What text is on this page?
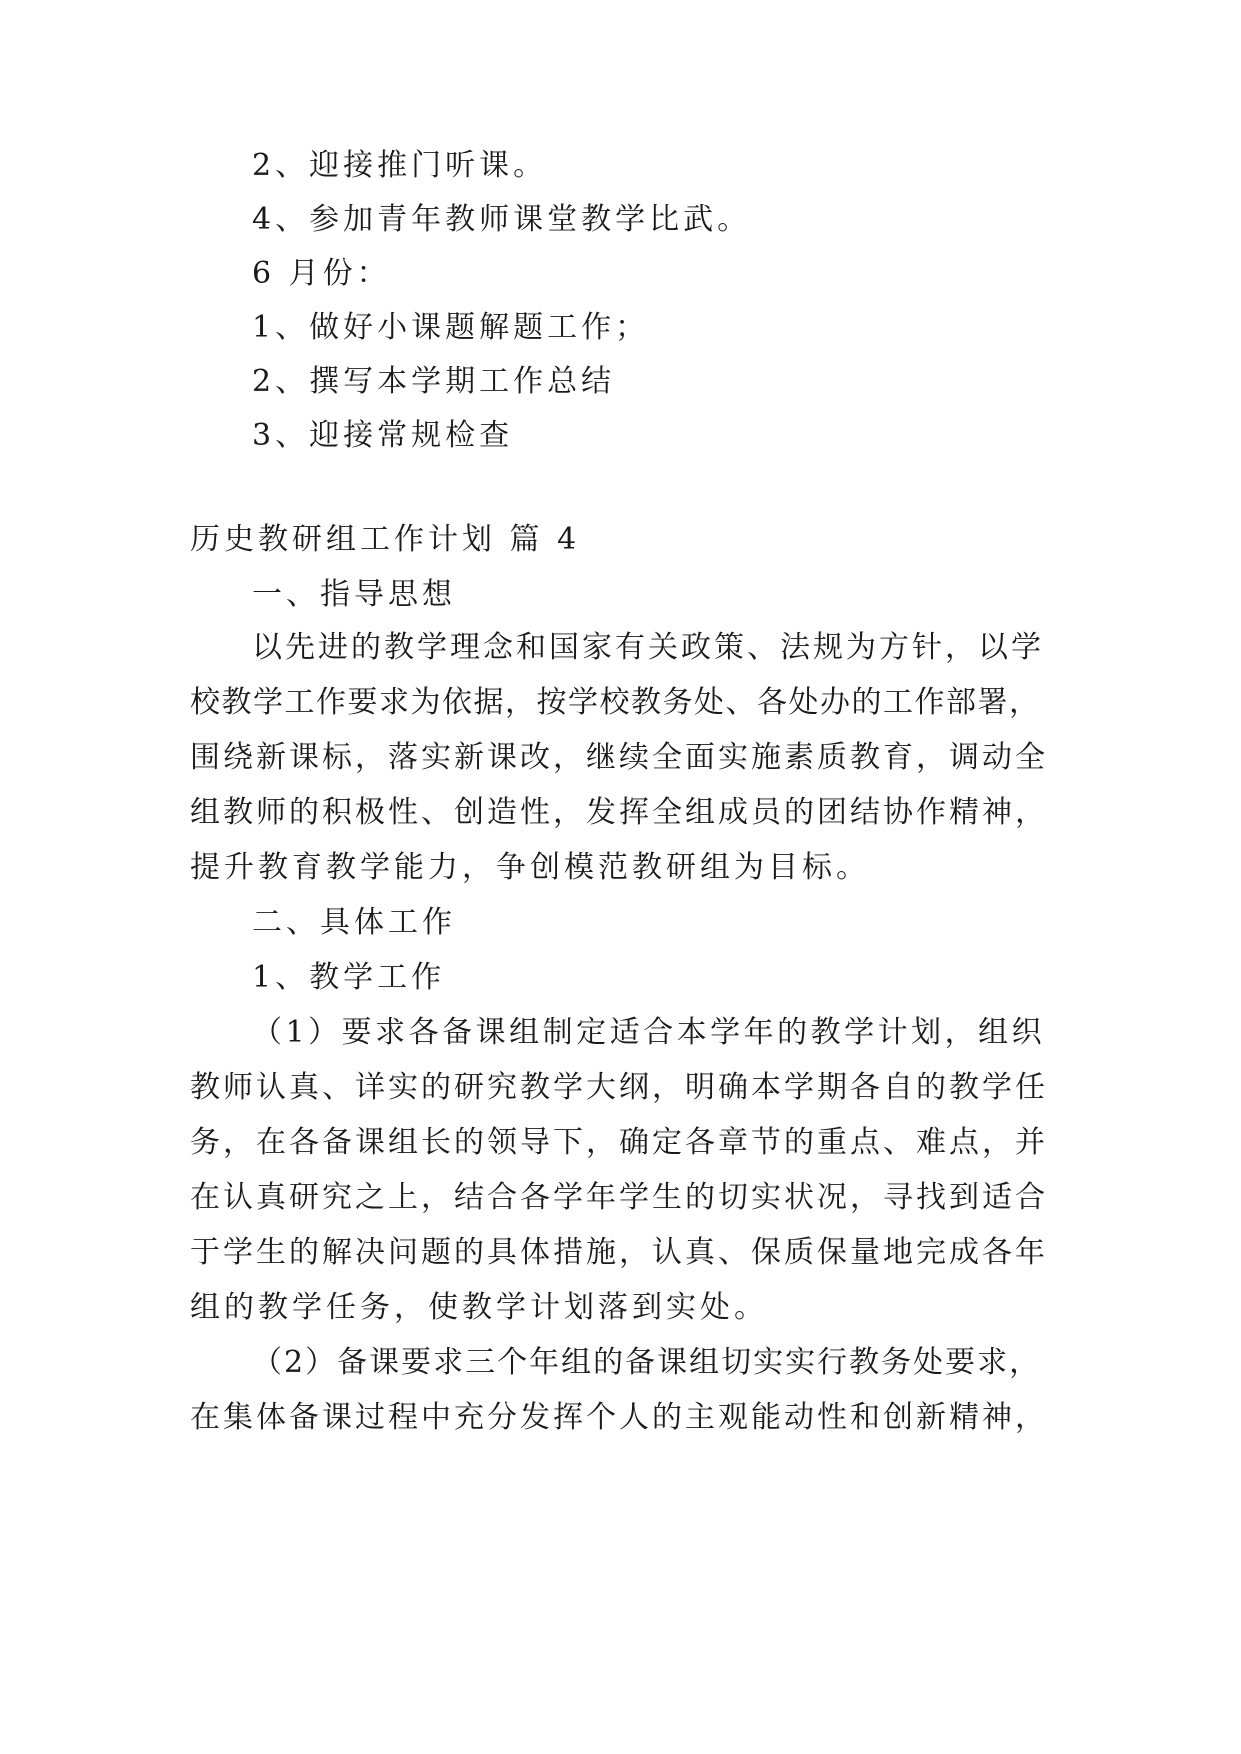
2、迎接推门听课。
4、参加青年教师课堂教学比武。
6 月份：
1、做好小课题解题工作；
2、撰写本学期工作总结
3、迎接常规检查
历史教研组工作计划 篇 4
一、指导思想
以先进的教学理念和国家有关政策、法规为方针，以学
校教学工作要求为依据，按学校教务处、各处办的工作部署，
围绕新课标，落实新课改，继续全面实施素质教育，调动全
组教师的积极性、创造性，发挥全组成员的团结协作精神，
提升教育教学能力，争创模范教研组为目标。
二、具体工作
1、教学工作
（1）要求各备课组制定适合本学年的教学计划，组织
教师认真、详实的研究教学大纲，明确本学期各自的教学任
务，在各备课组长的领导下，确定各章节的重点、难点，并
在认真研究之上，结合各学年学生的切实状况，寻找到适合
于学生的解决问题的具体措施，认真、保质保量地完成各年
组的教学任务，使教学计划落到实处。
（2）备课要求三个年组的备课组切实实行教务处要求，
在集体备课过程中充分发挥个人的主观能动性和创新精神，
